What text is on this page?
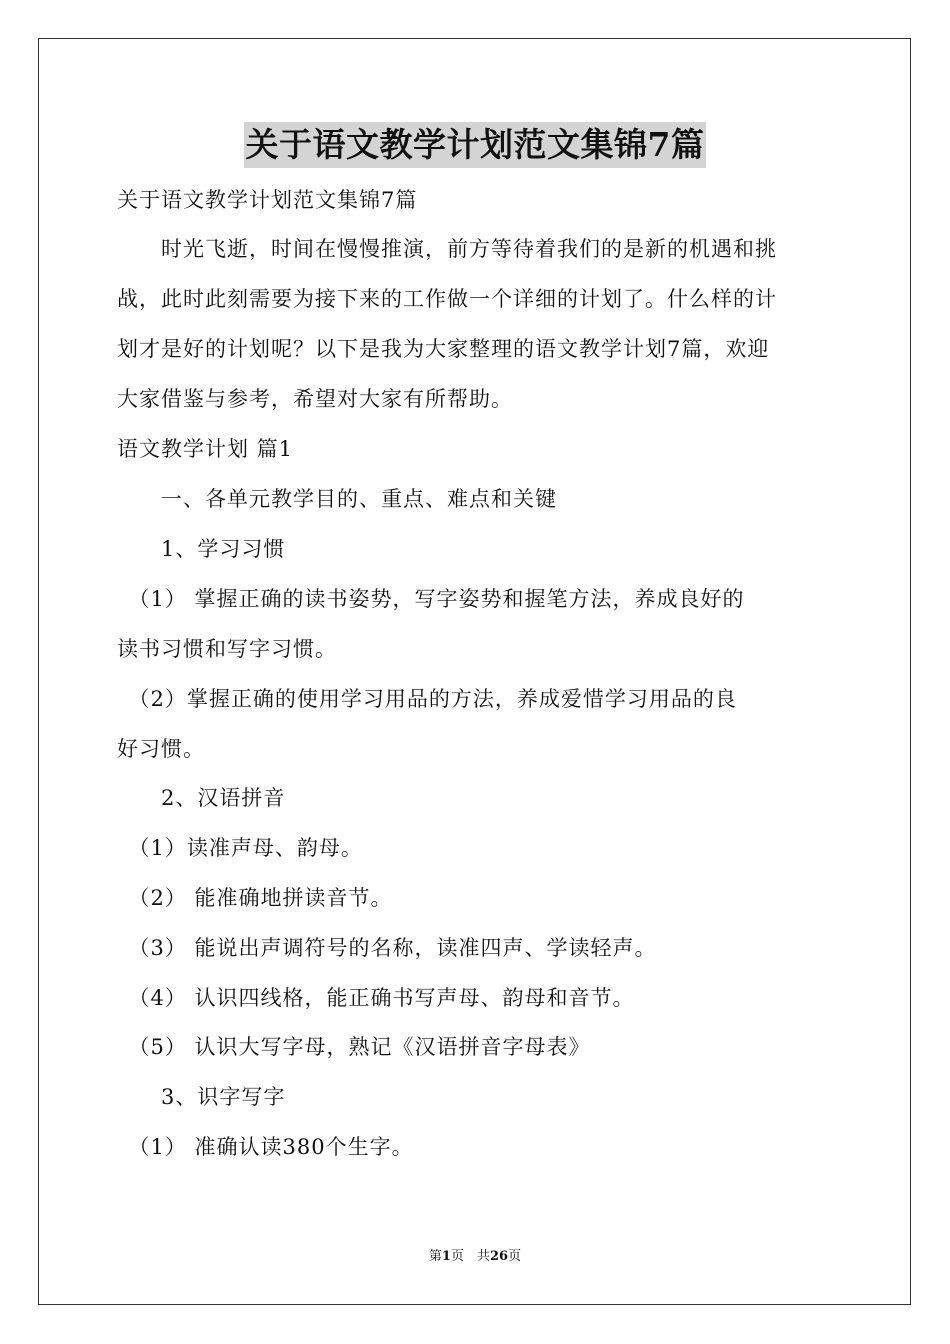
关于语文教学计划范文集锦7篇
关于语文教学计划范文集锦7篇
　　时光飞逝，时间在慢慢推演，前方等待着我们的是新的机遇和挑
战，此时此刻需要为接下来的工作做一个详细的计划了。什么样的计
划才是好的计划呢？以下是我为大家整理的语文教学计划7篇，欢迎
大家借鉴与参考，希望对大家有所帮助。
语文教学计划 篇1
　　一、各单元教学目的、重点、难点和关键
　　1、学习习惯
　（1） 掌握正确的读书姿势，写字姿势和握笔方法，养成良好的
读书习惯和写字习惯。
　（2）掌握正确的使用学习用品的方法，养成爱惜学习用品的良
好习惯。
　　2、汉语拼音
　（1）读准声母、韵母。
　（2） 能准确地拼读音节。
　（3） 能说出声调符号的名称，读准四声、学读轻声。
　（4） 认识四线格，能正确书写声母、韵母和音节。
　（5） 认识大写字母，熟记《汉语拼音字母表》
　　3、识字写字
　（1） 准确认读380个生字。
第1页　共26页
